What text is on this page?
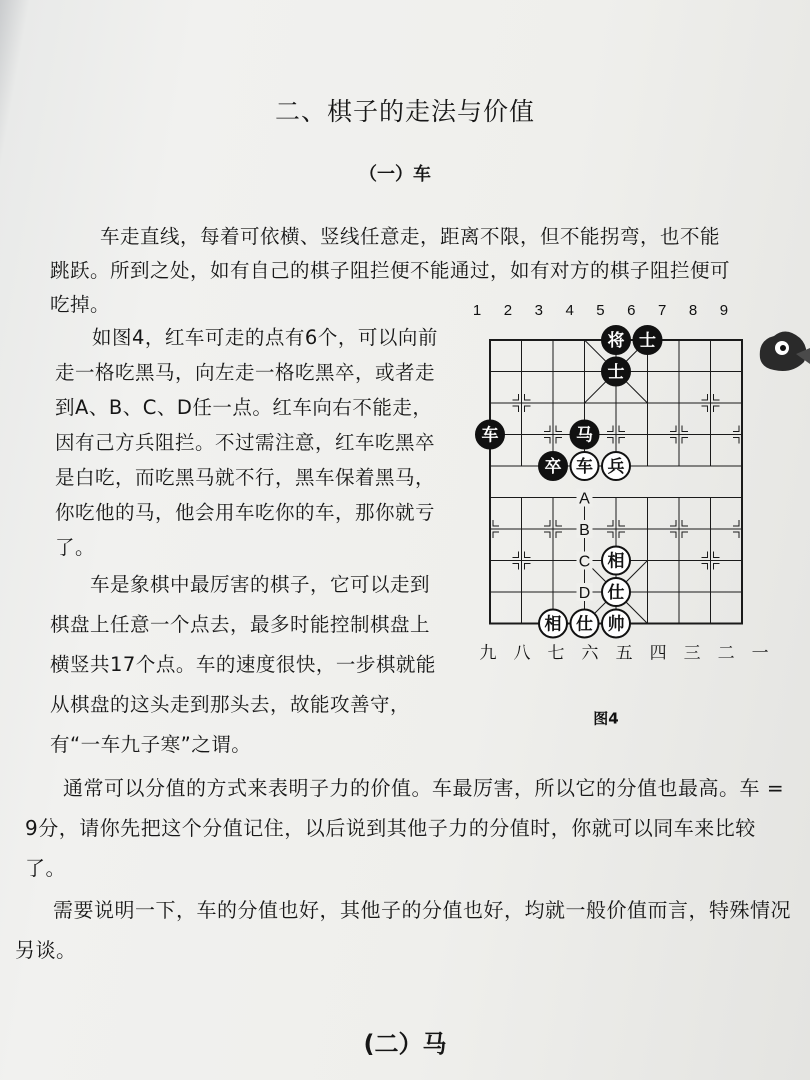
二、棋子的走法与价值
（一）车

车走直线，每着可依横、竖线任意走，距离不限，但不能拐弯，也不能跳跃。所到之处，如有自己的棋子阻拦便不能通过，如有对方的棋子阻拦便可吃掉。

如图4，红车可走的点有6个，可以向前走一格吃黑马，向左走一格吃黑卒，或者走到A、B、C、D任一点。红车向右不能走，因有己方兵阻拦。不过需注意，红车吃黑卒是白吃，而吃黑马就不行，黑车保着黑马，你吃他的马，他会用车吃你的车，那你就亏了。

车是象棋中最厉害的棋子，它可以走到棋盘上任意一个点去，最多时能控制棋盘上横竖共17个点。车的速度很快，一步棋就能从棋盘的这头走到那头去，故能攻善守，有“一车九子寒”之谓。

通常可以分值的方式来表明子力的价值。车最厉害，所以它的分值也最高。车 = 9分，请你先把这个分值记住，以后说到其他子力的分值时，你就可以同车来比较了。

需要说明一下，车的分值也好，其他子的分值也好，均就一般价值而言，特殊情况另谈。

(二）马
1 2 3 4 5 6 7 8 9
九 八 七 六 五 四 三 二 一
A
B
C
D
将 士
士
车	马
卒 车 兵
相
仕
相 仕 帅
图4
